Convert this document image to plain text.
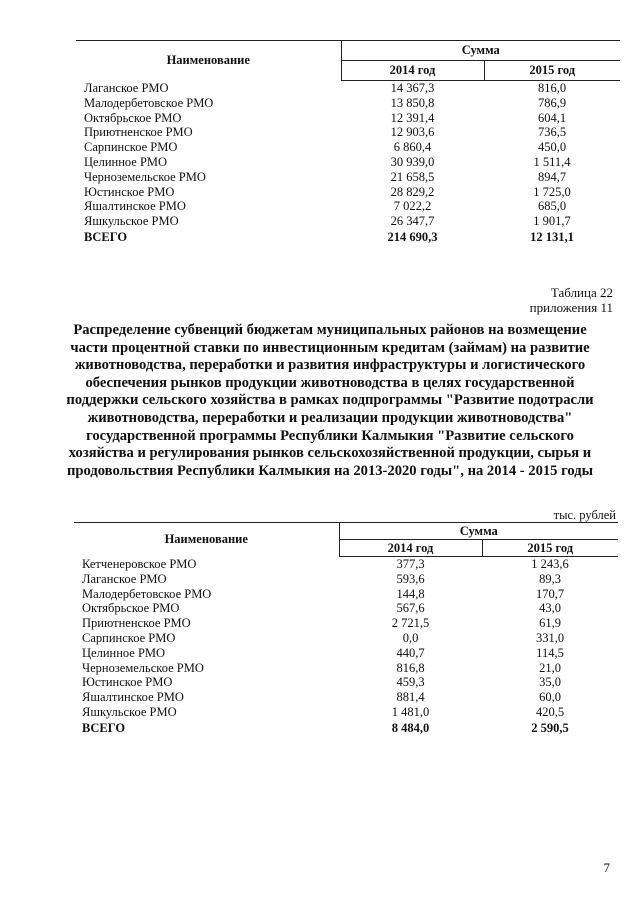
Наименование	Сумма	
	2014 год	2015 год
Лаганское РМО	14 367,3	816,0
Малодербетовское РМО	13 850,8	786,9
Октябрьское РМО	12 391,4	604,1
Приютненское РМО	12 903,6	736,5
Сарпинское РМО	6 860,4	450,0
Целинное РМО	30 939,0	1 511,4
Черноземельское РМО	21 658,5	894,7
Юстинское РМО	28 829,2	1 725,0
Яшалтинское РМО	7 022,2	685,0
Яшкульское РМО	26 347,7	1 901,7
ВСЕГО	214 690,3	12 131,1
Таблица 22
приложения 11
Распределение субвенций бюджетам муниципальных районов на возмещение части процентной ставки по инвестиционным кредитам (займам) на развитие животноводства, переработки и развития инфраструктуры и логистического обеспечения рынков продукции животноводства в целях государственной поддержки сельского хозяйства в рамках подпрограммы "Развитие подотрасли животноводства, переработки и реализации продукции животноводства" государственной программы Республики Калмыкия "Развитие сельского хозяйства и регулирования рынков сельскохозяйственной продукции, сырья и продовольствия Республики Калмыкия на 2013-2020 годы", на 2014 - 2015 годы
тыс. рублей
Наименование	Сумма	
	2014 год	2015 год
Кетченеровское РМО	377,3	1 243,6
Лаганское РМО	593,6	89,3
Малодербетовское РМО	144,8	170,7
Октябрьское РМО	567,6	43,0
Приютненское РМО	2 721,5	61,9
Сарпинское РМО	0,0	331,0
Целинное РМО	440,7	114,5
Черноземельское РМО	816,8	21,0
Юстинское РМО	459,3	35,0
Яшалтинское РМО	881,4	60,0
Яшкульское РМО	1 481,0	420,5
ВСЕГО	8 484,0	2 590,5
7
